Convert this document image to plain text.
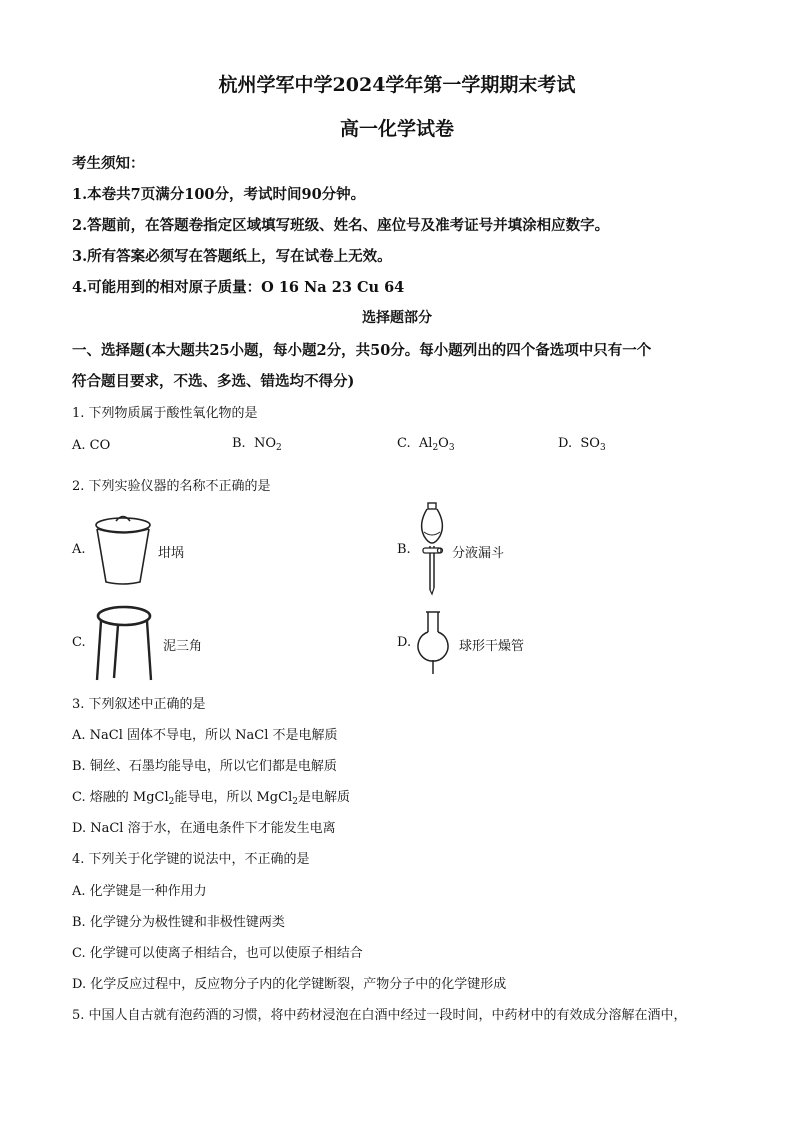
杭州学军中学2024学年第一学期期末考试
高一化学试卷
考生须知：
1.本卷共7页满分100分，考试时间90分钟。
2.答题前，在答题卷指定区域填写班级、姓名、座位号及准考证号并填涂相应数字。
3.所有答案必须写在答题纸上，写在试卷上无效。
4.可能用到的相对原子质量：O 16 Na 23 Cu 64
选择题部分
一、选择题(本大题共25小题，每小题2分，共50分。每小题列出的四个备选项中只有一个
符合题目要求，不选、多选、错选均不得分)
1. 下列物质属于酸性氧化物的是
A. CO	B. $NO_2$	C. $Al_2O_3$	D. $SO_3$
2. 下列实验仪器的名称不正确的是
A.	坩埚	B.	分液漏斗
C.	泥三角	D.	球形干燥管
3. 下列叙述中正确的是
A. NaCl 固体不导电，所以 NaCl 不是电解质
B. 铜丝、石墨均能导电，所以它们都是电解质
C. 熔融的 MgCl$_2$能导电，所以 MgCl$_2$是电解质
D. NaCl 溶于水，在通电条件下才能发生电离
4. 下列关于化学键的说法中，不正确的是
A. 化学键是一种作用力
B. 化学键分为极性键和非极性键两类
C. 化学键可以使离子相结合，也可以使原子相结合
D. 化学反应过程中，反应物分子内的化学键断裂，产物分子中的化学键形成
5. 中国人自古就有泡药酒的习惯，将中药材浸泡在白酒中经过一段时间，中药材中的有效成分溶解在酒中，
